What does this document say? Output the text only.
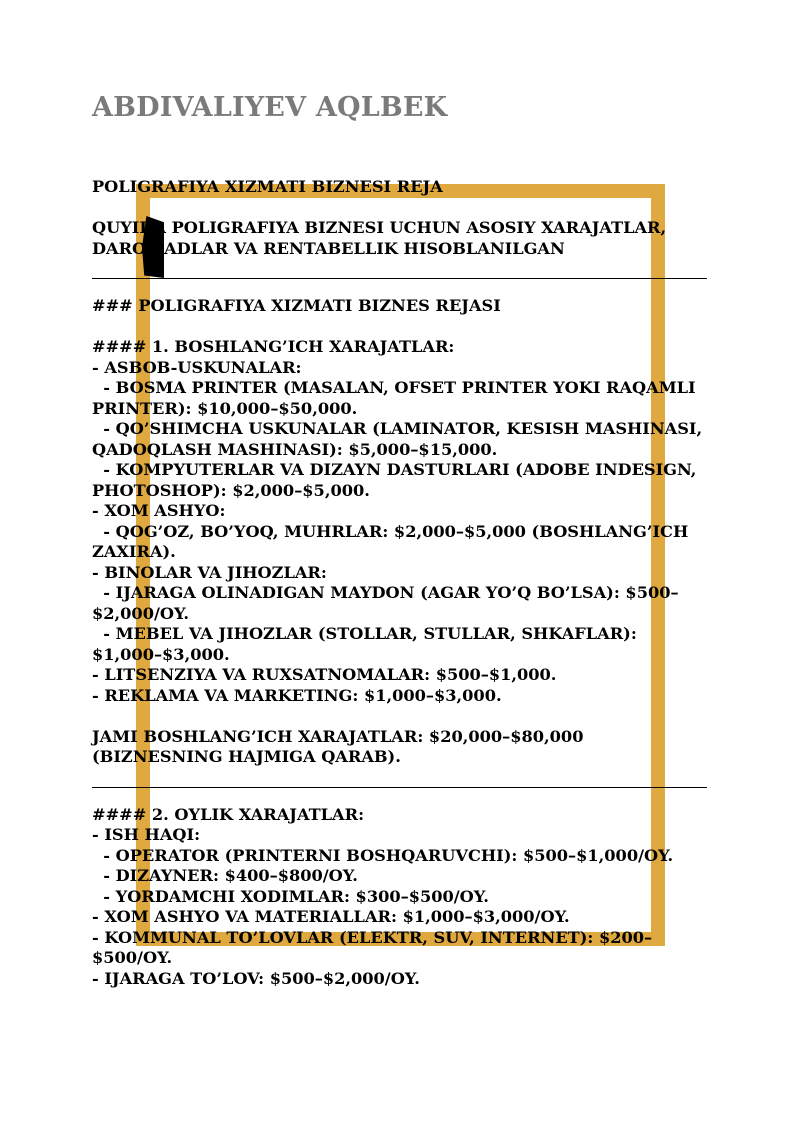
ABDIVALIYEV AQLBEK

POLIGRAFIYA XIZMATI BIZNESI REJA

QUYIDA POLIGRAFIYA BIZNESI UCHUN ASOSIY XARAJATLAR, DAROMADLAR VA RENTABELLIK HISOBLANILGAN

### POLIGRAFIYA XIZMATI BIZNES REJASI

#### 1. BOSHLANG’ICH XARAJATLAR:

- ASBOB-USKUNALAR:

- BOSMA PRINTER (MASALAN, OFSET PRINTER YOKI RAQAMLI PRINTER): $10,000–$50,000.

- QO’SHIMCHA USKUNALAR (LAMINATOR, KESISH MASHINASI, QADOQLASH MASHINASI): $5,000–$15,000.

- KOMPYUTERLAR VA DIZAYN DASTURLARI (ADOBE INDESIGN, PHOTOSHOP): $2,000–$5,000.

- XOM ASHYO:

- QOG’OZ, BO’YOQ, MUHRLAR: $2,000–$5,000 (BOSHLANG’ICH ZAXIRA).

- BINOLAR VA JIHOZLAR:

- IJARAGA OLINADIGAN MAYDON (AGAR YO’Q BO’LSA): $500–$2,000/OY.

- MEBEL VA JIHOZLAR (STOLLAR, STULLAR, SHKAFLAR): $1,000–$3,000.

- LITSENZIYA VA RUXSATNOMALAR: $500–$1,000.

- REKLAMA VA MARKETING: $1,000–$3,000.

JAMI BOSHLANG’ICH XARAJATLAR: $20,000–$80,000 (BIZNESNING HAJMIGA QARAB).

#### 2. OYLIK XARAJATLAR:

- ISH HAQI:

- OPERATOR (PRINTERNI BOSHQARUVCHI): $500–$1,000/OY.

- DIZAYNER: $400–$800/OY.

- YORDAMCHI XODIMLAR: $300–$500/OY.

- XOM ASHYO VA MATERIALLAR: $1,000–$3,000/OY.

- KOMMUNAL TO’LOVLAR (ELEKTR, SUV, INTERNET): $200–$500/OY.

- IJARAGA TO’LOV: $500–$2,000/OY.
